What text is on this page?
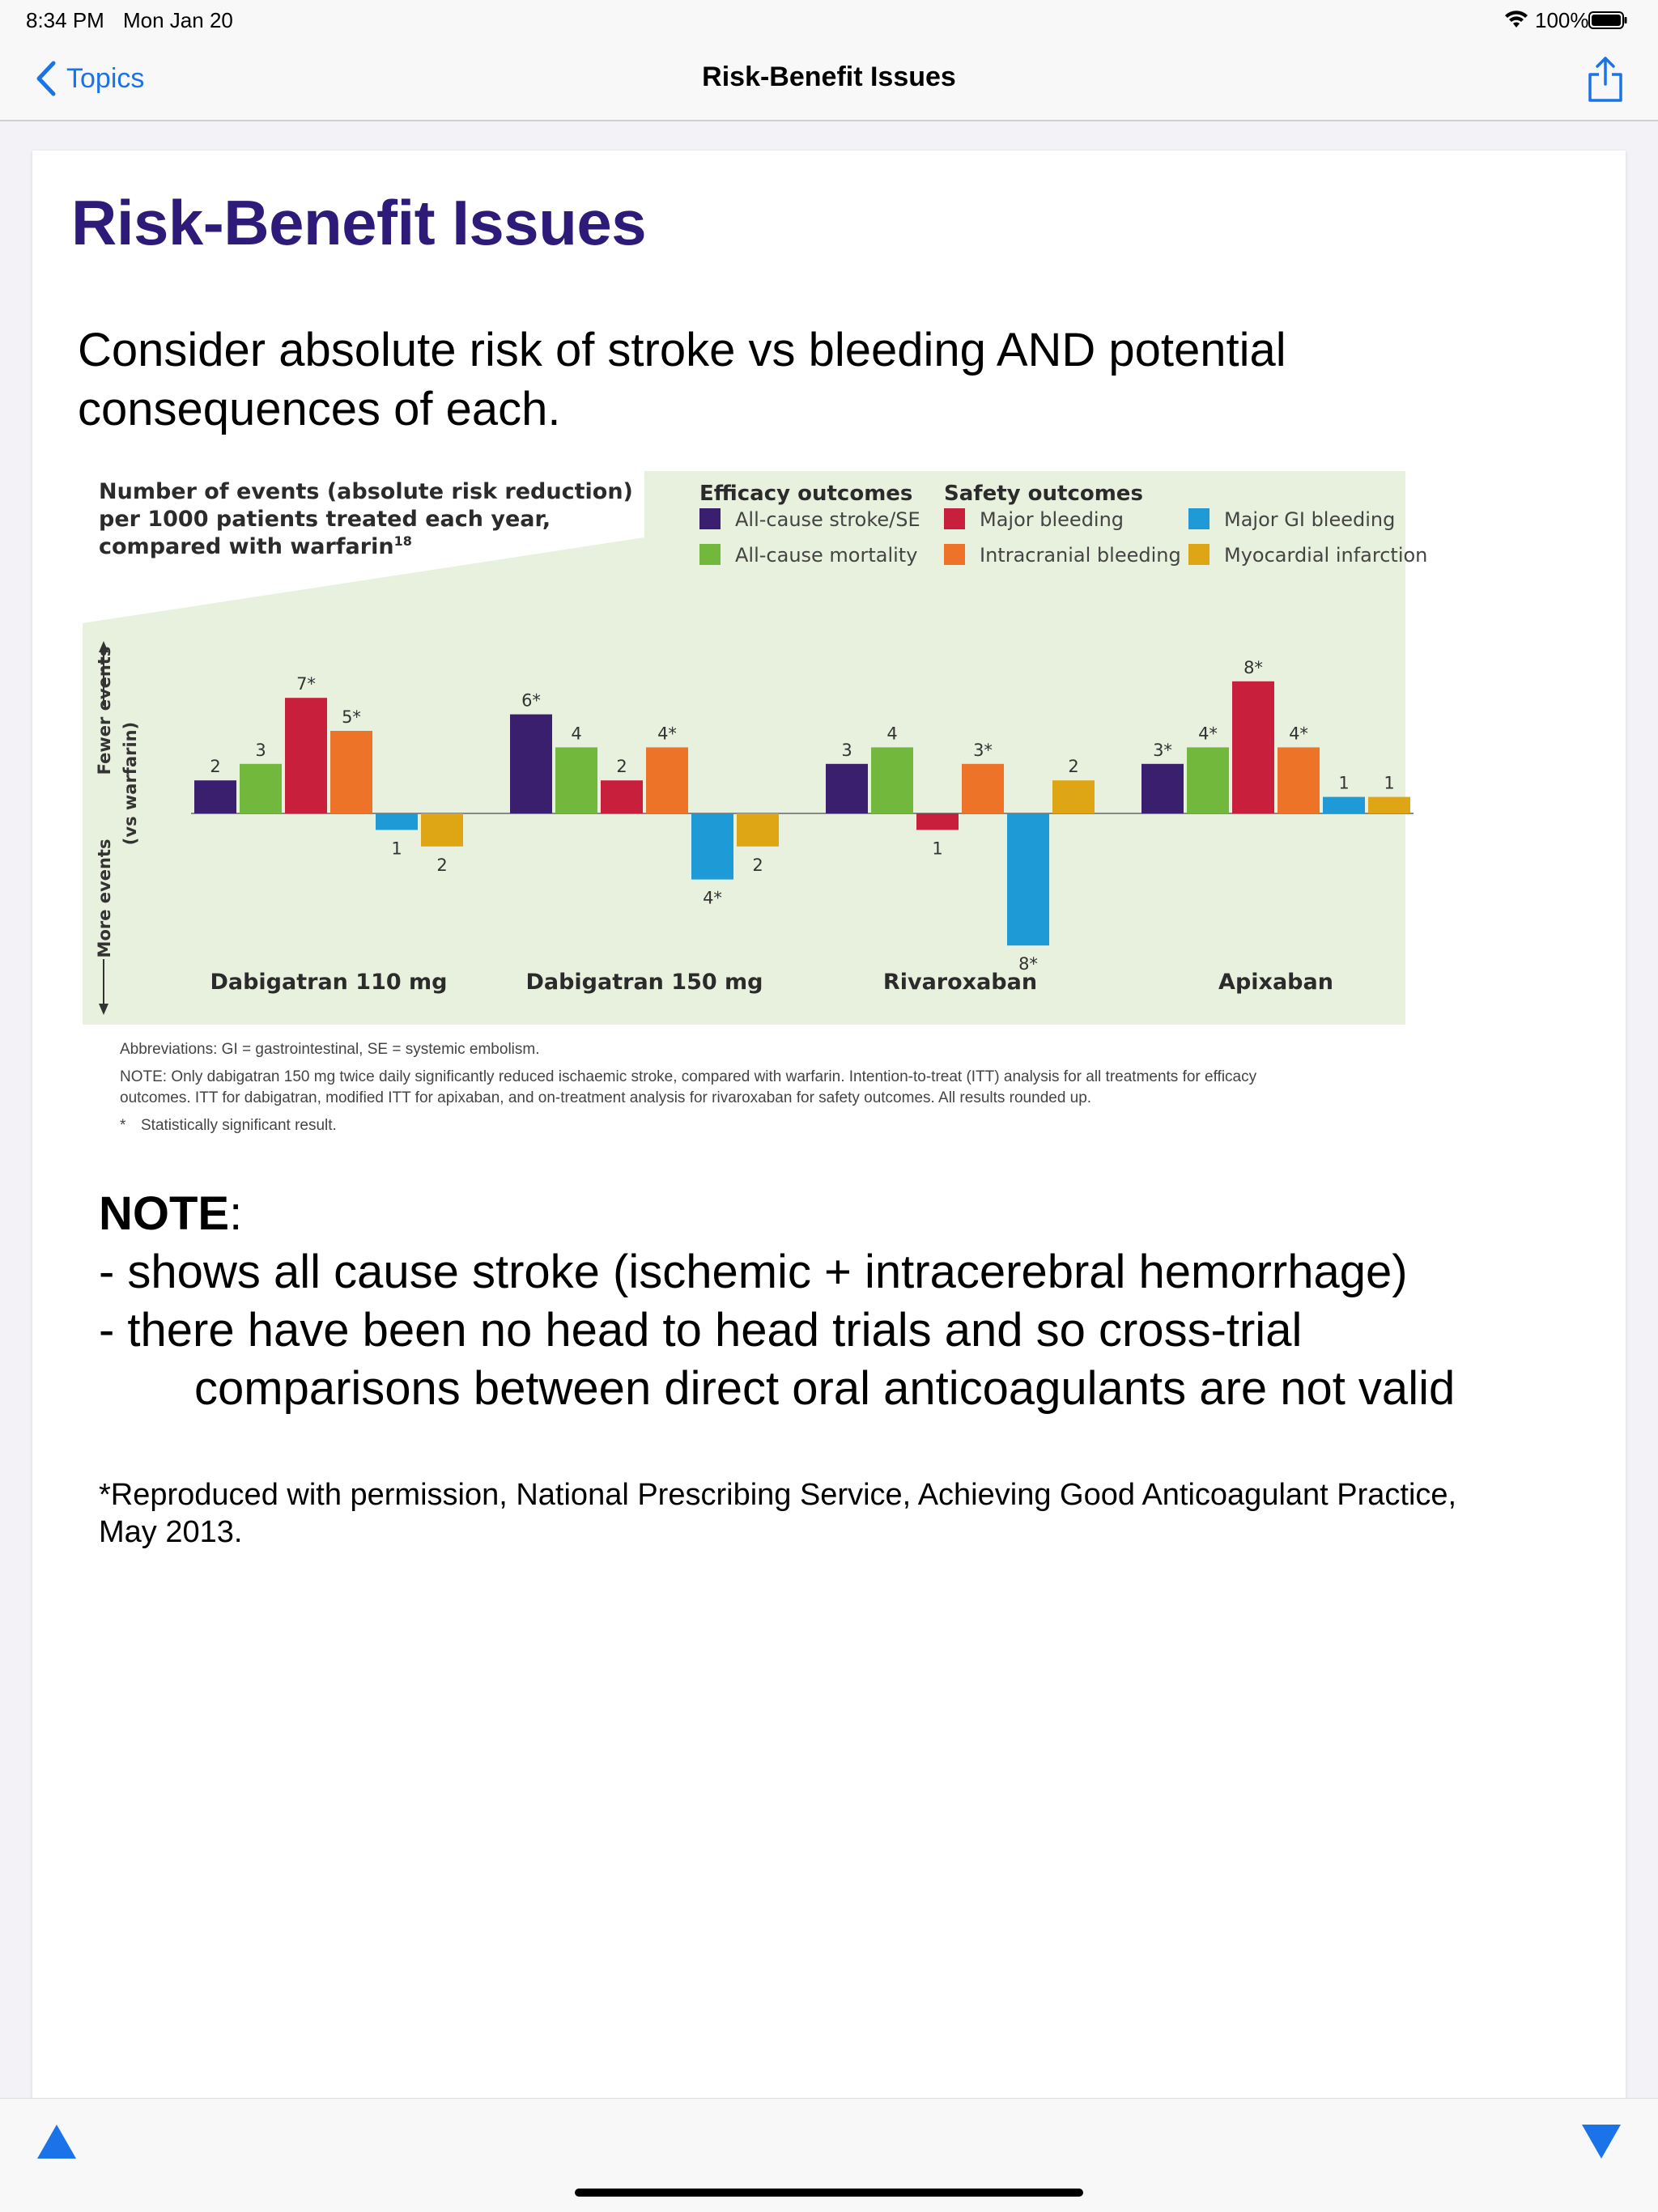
8:34 PM Mon Jan 20	100%
Topics	Risk-Benefit Issues
Risk-Benefit Issues
Consider absolute risk of stroke vs bleeding AND potential
consequences of each.
Number of events (absolute risk reduction)
per 1000 patients treated each year,
compared with warfarin$^{18}$
Efficacy outcomes Safety outcomes
All-cause stroke/SE
All-cause mortality
Major bleeding
Intracranial bleeding
Major GI bleeding
Myocardial infarction
Fewer events
More events
(vs warfarin)	2
3
7*
5*
1
2
Dabigatran 110 mg
6*
4
2
4*
4*
2
Dabigatran 150 mg
3
4
1
3*
8*
2
Rivaroxaban
3*
4*
8*
4*
1 1
Apixaban

Abbreviations: GI = gastrointestinal, SE = systemic embolism.

NOTE: Only dabigatran 150 mg twice daily significantly reduced ischaemic stroke, compared with warfarin. Intention-to-treat (ITT) analysis for all treatments for efficacy
outcomes. ITT for dabigatran, modified ITT for apixaban, and on-treatment analysis for rivaroxaban for safety outcomes. All results rounded up.

* Statistically significant result.

NOTE:
- shows all cause stroke (ischemic + intracerebral hemorrhage)
- there have been no head to head trials and so cross-trial
comparisons between direct oral anticoagulants are not valid
*Reproduced with permission, National Prescribing Service, Achieving Good Anticoagulant Practice,
May 2013.
